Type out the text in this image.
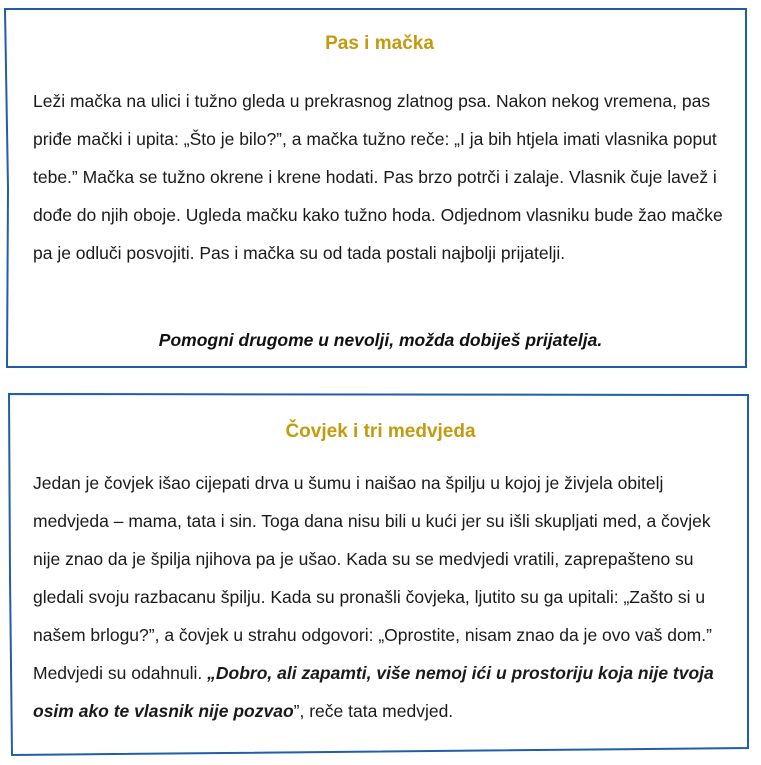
Pas i mačka
Leži mačka na ulici i tužno gleda u prekrasnog zlatnog psa. Nakon nekog vremena, pas priđe mački i upita: „Što je bilo?”, a mačka tužno reče: „I ja bih htjela imati vlasnika poput tebe.” Mačka se tužno okrene i krene hodati. Pas brzo potrči i zalaje. Vlasnik čuje lavež i dođe do njih oboje. Ugleda mačku kako tužno hoda. Odjednom vlasniku bude žao mačke pa je odluči posvojiti. Pas i mačka su od tada postali najbolji prijatelji.
Pomogni drugome u nevolji, možda dobiješ prijatelja.
Čovjek i tri medvjeda
Jedan je čovjek išao cijepati drva u šumu i naišao na špilju u kojoj je živjela obitelj medvjeda – mama, tata i sin. Toga dana nisu bili u kući jer su išli skupljati med, a čovjek nije znao da je špilja njihova pa je ušao. Kada su se medvjedi vratili, zaprepašteno su gledali svoju razbacanu špilju. Kada su pronašli čovjeka, ljutito su ga upitali: „Zašto si u našem brlogu?”, a čovjek u strahu odgovori: „Oprostite, nisam znao da je ovo vaš dom.” Medvjedi su odahnuli. „Dobro, ali zapamti, više nemoj ići u prostoriju koja nije tvoja osim ako te vlasnik nije pozvao”, reče tata medvjed.
